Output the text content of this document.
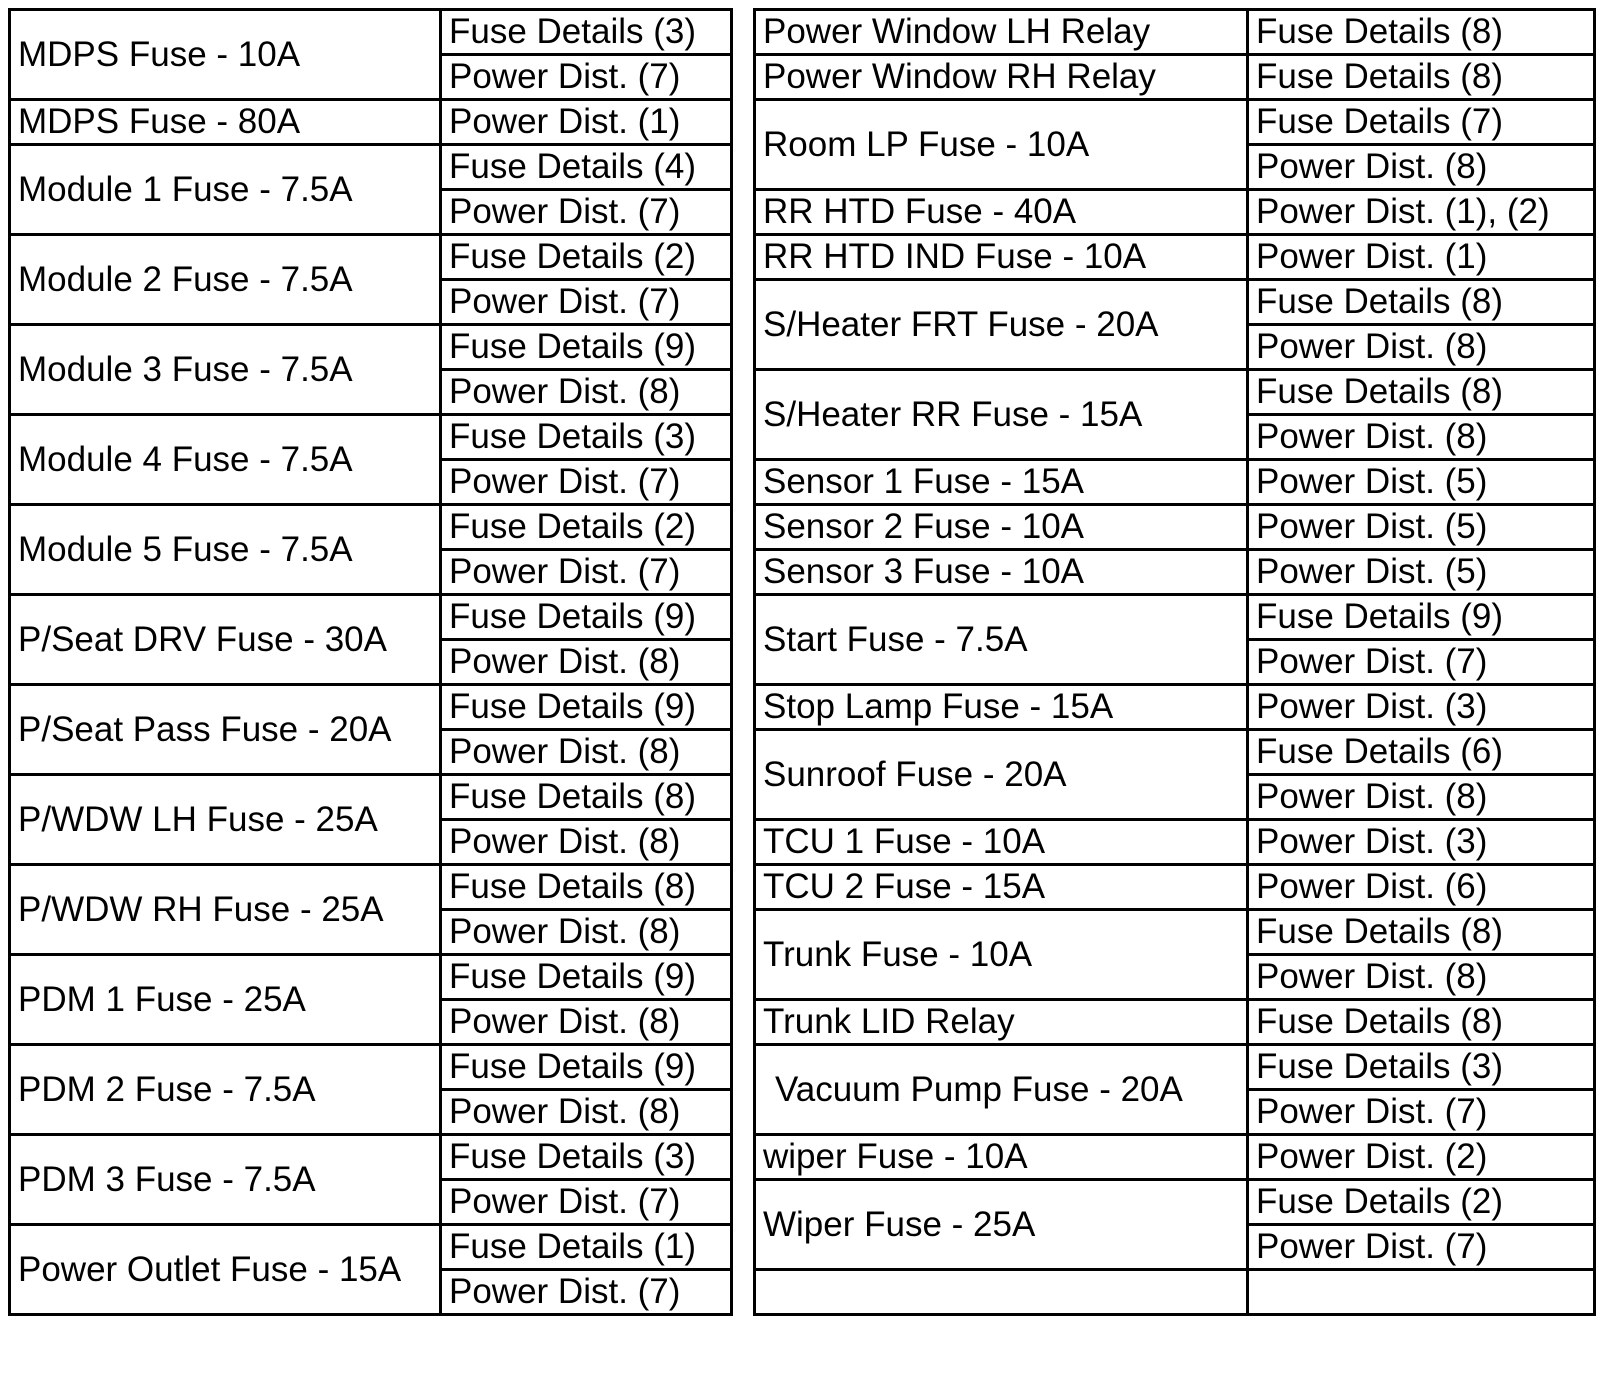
MDPS Fuse - 10A	Fuse Details (3)
	Power Dist. (7)
MDPS Fuse - 80A	Power Dist. (1)
Module 1 Fuse - 7.5A	Fuse Details (4)
	Power Dist. (7)
Module 2 Fuse - 7.5A	Fuse Details (2)
	Power Dist. (7)
Module 3 Fuse - 7.5A	Fuse Details (9)
	Power Dist. (8)
Module 4 Fuse - 7.5A	Fuse Details (3)
	Power Dist. (7)
Module 5 Fuse - 7.5A	Fuse Details (2)
	Power Dist. (7)
P/Seat DRV Fuse - 30A	Fuse Details (9)
	Power Dist. (8)
P/Seat Pass Fuse - 20A	Fuse Details (9)
	Power Dist. (8)
P/WDW LH Fuse - 25A	Fuse Details (8)
	Power Dist. (8)
P/WDW RH Fuse - 25A	Fuse Details (8)
	Power Dist. (8)
PDM 1 Fuse - 25A	Fuse Details (9)
	Power Dist. (8)
PDM 2 Fuse - 7.5A	Fuse Details (9)
	Power Dist. (8)
PDM 3 Fuse - 7.5A	Fuse Details (3)
	Power Dist. (7)
Power Outlet Fuse - 15A	Fuse Details (1)
	Power Dist. (7)
Power Window LH Relay	Fuse Details (8)
Power Window RH Relay	Fuse Details (8)
Room LP Fuse - 10A	Fuse Details (7)
	Power Dist. (8)
RR HTD Fuse - 40A	Power Dist. (1), (2)
RR HTD IND Fuse - 10A	Power Dist. (1)
S/Heater FRT Fuse - 20A	Fuse Details (8)
	Power Dist. (8)
S/Heater RR Fuse - 15A	Fuse Details (8)
	Power Dist. (8)
Sensor 1 Fuse - 15A	Power Dist. (5)
Sensor 2 Fuse - 10A	Power Dist. (5)
Sensor 3 Fuse - 10A	Power Dist. (5)
Start Fuse - 7.5A	Fuse Details (9)
	Power Dist. (7)
Stop Lamp Fuse - 15A	Power Dist. (3)
Sunroof Fuse - 20A	Fuse Details (6)
	Power Dist. (8)
TCU 1 Fuse - 10A	Power Dist. (3)
TCU 2 Fuse - 15A	Power Dist. (6)
Trunk Fuse - 10A	Fuse Details (8)
	Power Dist. (8)
Trunk LID Relay	Fuse Details (8)
Vacuum Pump Fuse - 20A	Fuse Details (3)
	Power Dist. (7)
wiper Fuse - 10A	Power Dist. (2)
Wiper Fuse - 25A	Fuse Details (2)
	Power Dist. (7)
